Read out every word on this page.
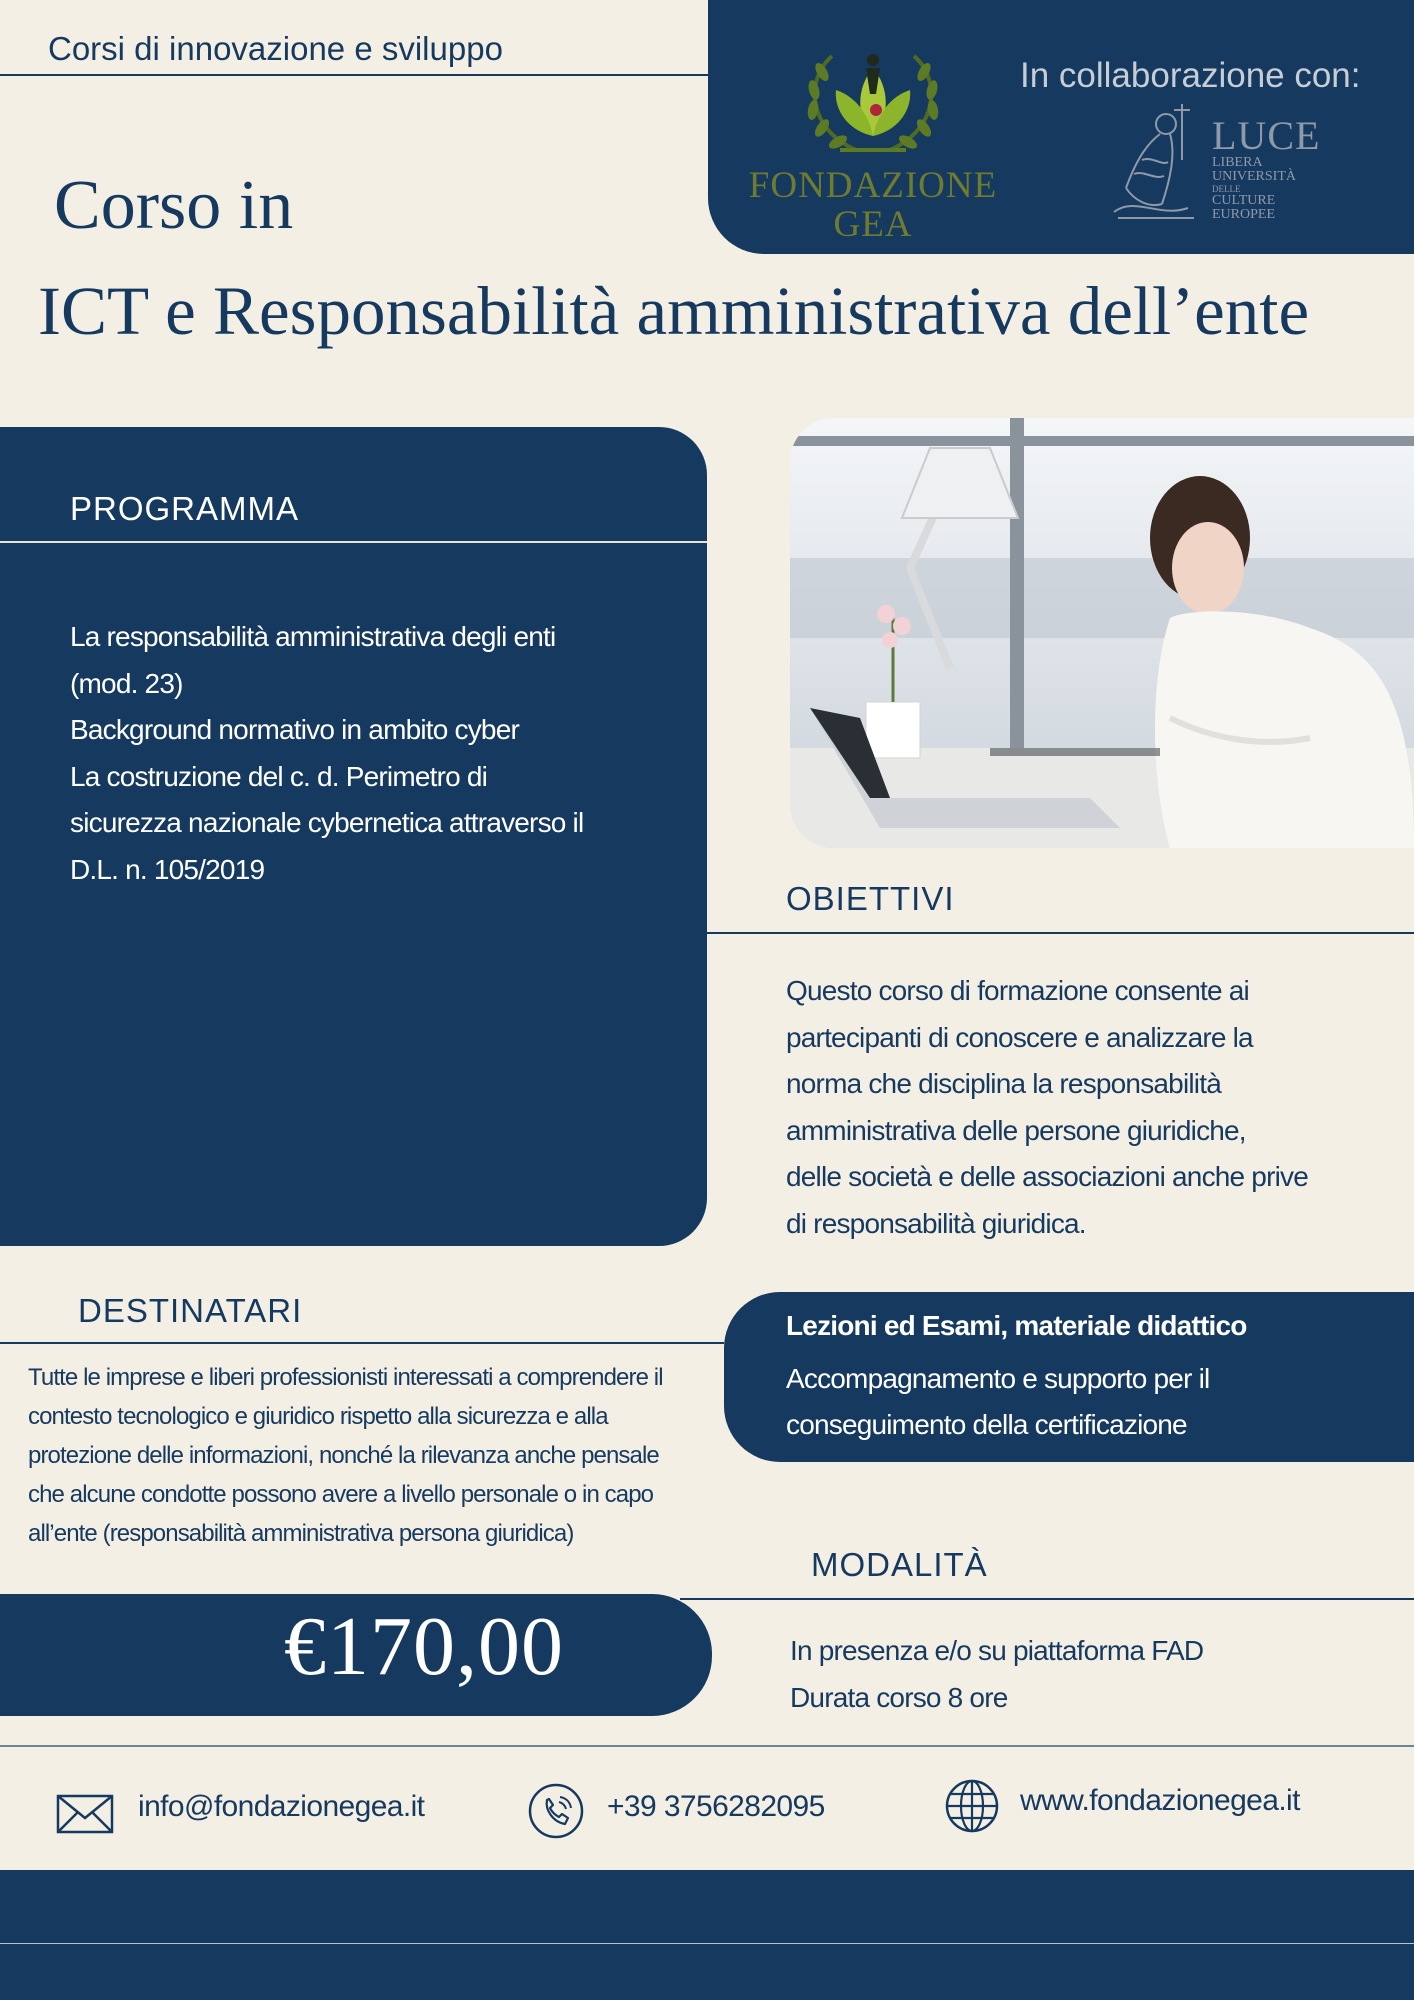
Corsi di innovazione e sviluppo
FONDAZIONE
GEA
In collaborazione con:
LUCE
LIBERA
UNIVERSITÀ
DELLE
CULTURE
EUROPEE
Corso in
ICT e Responsabilità amministrativa dell’ente
PROGRAMMA
La responsabilità amministrativa degli enti
(mod. 23)
Background normativo in ambito cyber
La costruzione del c. d. Perimetro di
sicurezza nazionale cybernetica attraverso il
D.L. n. 105/2019
OBIETTIVI
Questo corso di formazione consente ai
partecipanti di conoscere e analizzare la
norma che disciplina la responsabilità
amministrativa delle persone giuridiche,
delle società e delle associazioni anche prive
di responsabilità giuridica.
DESTINATARI
Tutte le imprese e liberi professionisti interessati a comprendere il
contesto tecnologico e giuridico rispetto alla sicurezza e alla
protezione delle informazioni, nonché la rilevanza anche pensale
che alcune condotte possono avere a livello personale o in capo
all’ente (responsabilità amministrativa persona giuridica)
Lezioni ed Esami, materiale didattico
Accompagnamento e supporto per il
conseguimento della certificazione
MODALITÀ
In presenza e/o su piattaforma FAD
Durata corso 8 ore
€170,00
info@fondazionegea.it	+39 3756282095	www.fondazionegea.it
